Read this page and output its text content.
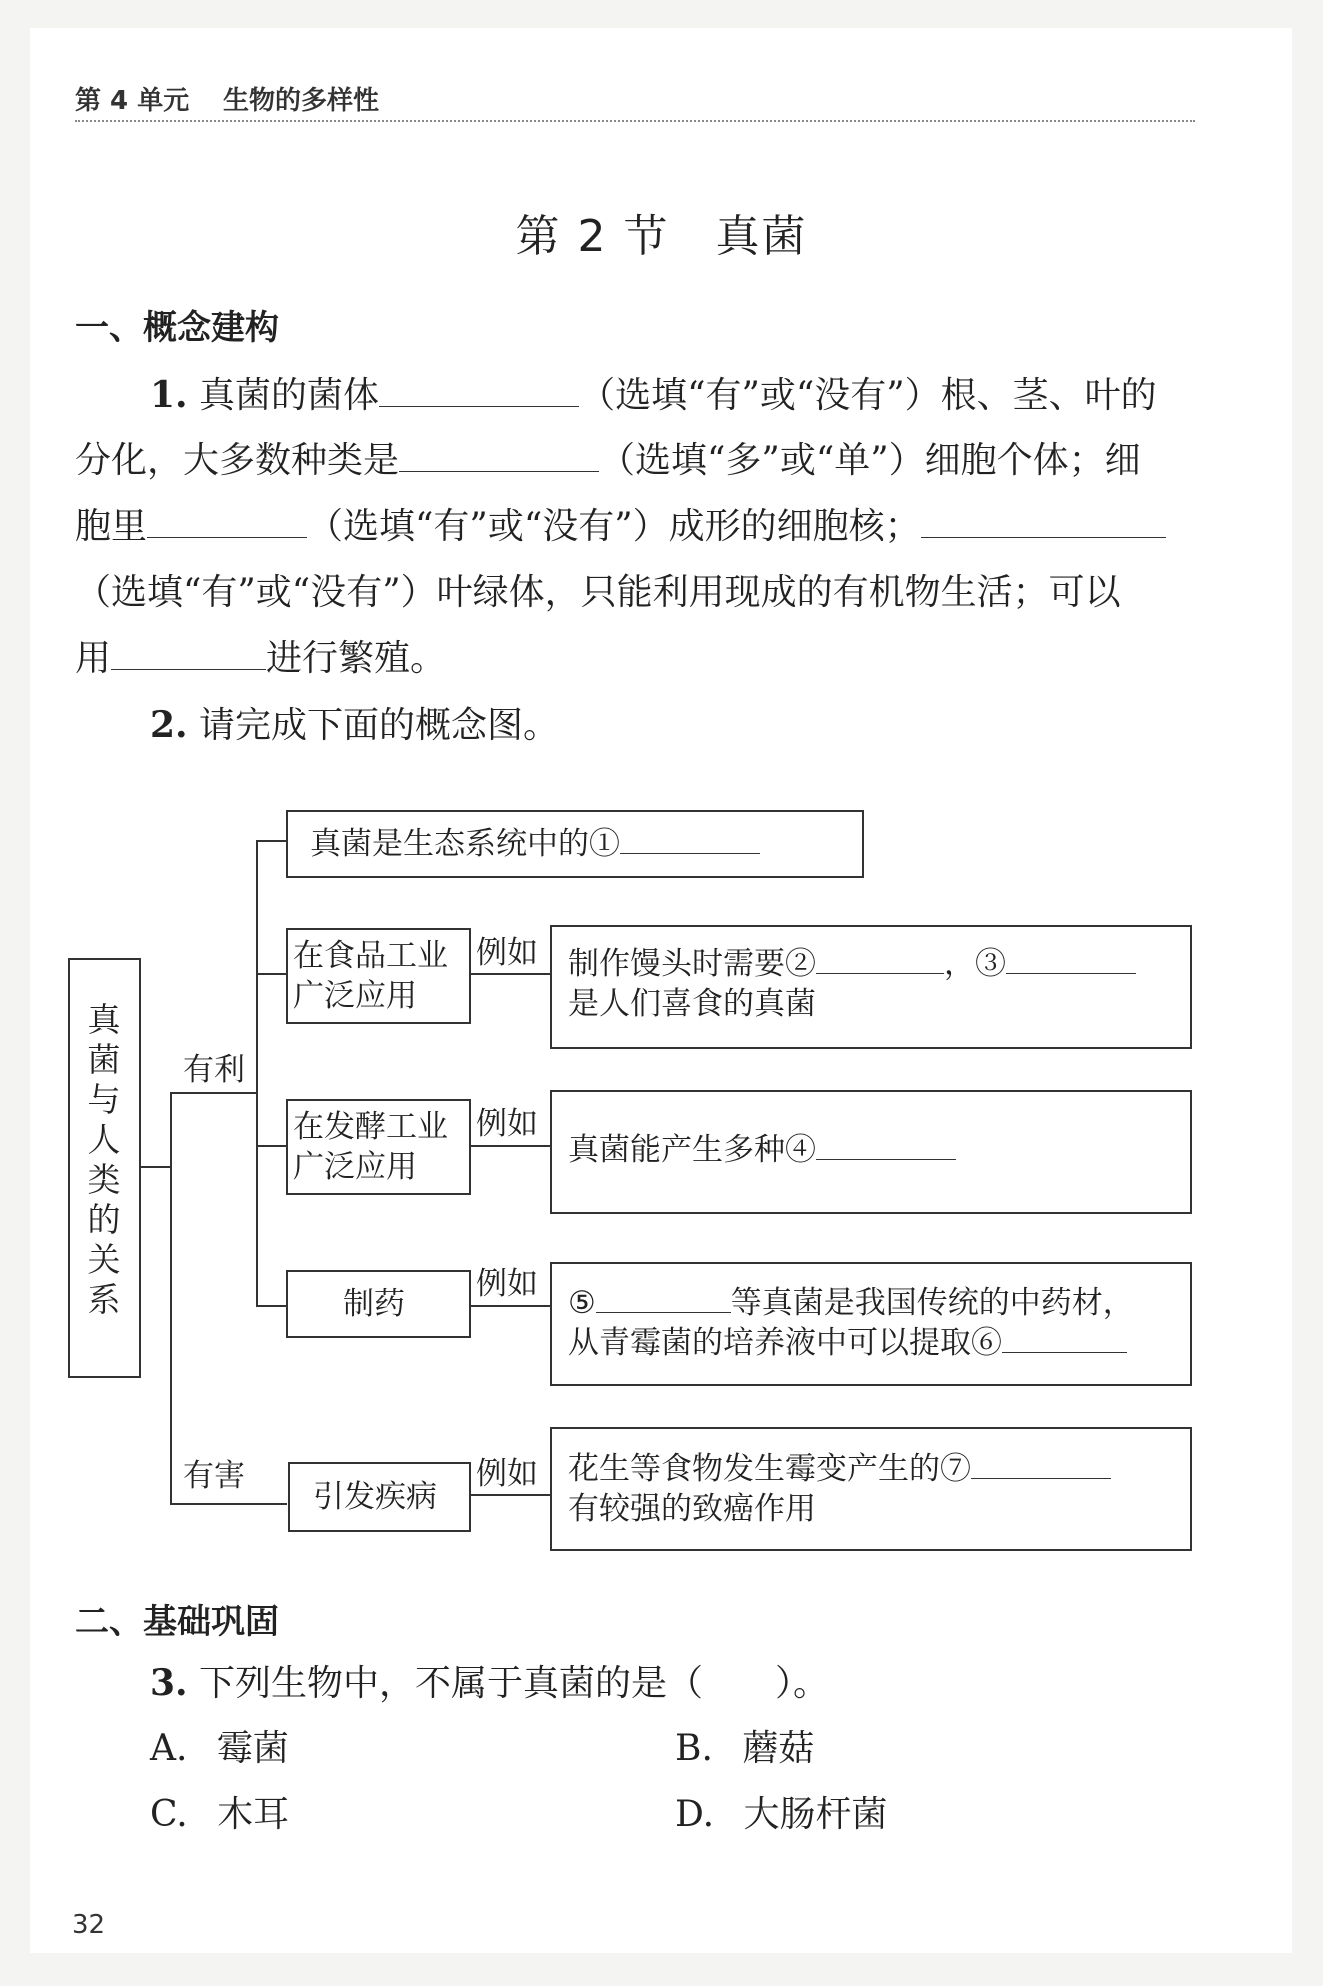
第 4 单元 生物的多样性
第 2 节　真菌
一、概念建构
1. 真菌的菌体	（选填“有”或“没有”）根、茎、叶的
分化，大多数种类是	（选填“多”或“单”）细胞个体；细
胞里	（选填“有”或“没有”）成形的细胞核；
（选填“有”或“没有”）叶绿体，只能利用现成的有机物生活；可以
用	进行繁殖。
2. 请完成下面的概念图。
真
菌
与
人
类
的
关
系
有利
有害
真菌是生态系统中的①
在食品工业
广泛应用
例如 制作馒头时需要②	，③
是人们喜食的真菌
在发酵工业
广泛应用
例如
真菌能产生多种④
制药
例如
⑤	等真菌是我国传统的中药材，
从青霉菌的培养液中可以提取⑥
引发疾病
例如 花生等食物发生霉变产生的⑦
有较强的致癌作用
二、基础巩固
3. 下列生物中，不属于真菌的是（　　）。
A. 霉菌	B. 蘑菇
C. 木耳	D. 大肠杆菌
32
